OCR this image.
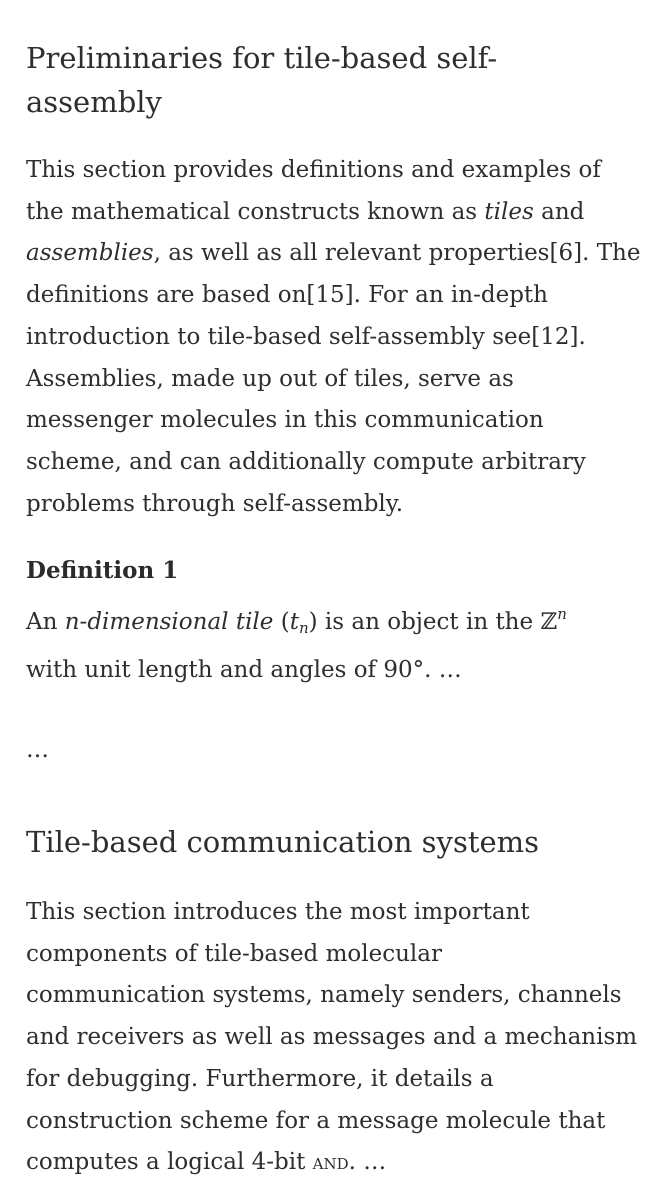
Preliminaries for tile-based self-
assembly

This section provides definitions and examples of
the mathematical constructs known as tiles and
assemblies, as well as all relevant properties[6]. The
definitions are based on[15]. For an in-depth
introduction to tile-based self-assembly see[12].
Assemblies, made up out of tiles, serve as
messenger molecules in this communication
scheme, and can additionally compute arbitrary
problems through self-assembly.

Definition 1

An n-dimensional tile (tn) is an object in the ℤ$^n$
with unit length and angles of 90°. …

…
Tile-based communication systems

This section introduces the most important
components of tile-based molecular
communication systems, namely senders, channels
and receivers as well as messages and a mechanism
for debugging. Furthermore, it details a
construction scheme for a message molecule that
computes a logical 4-bit and. …
